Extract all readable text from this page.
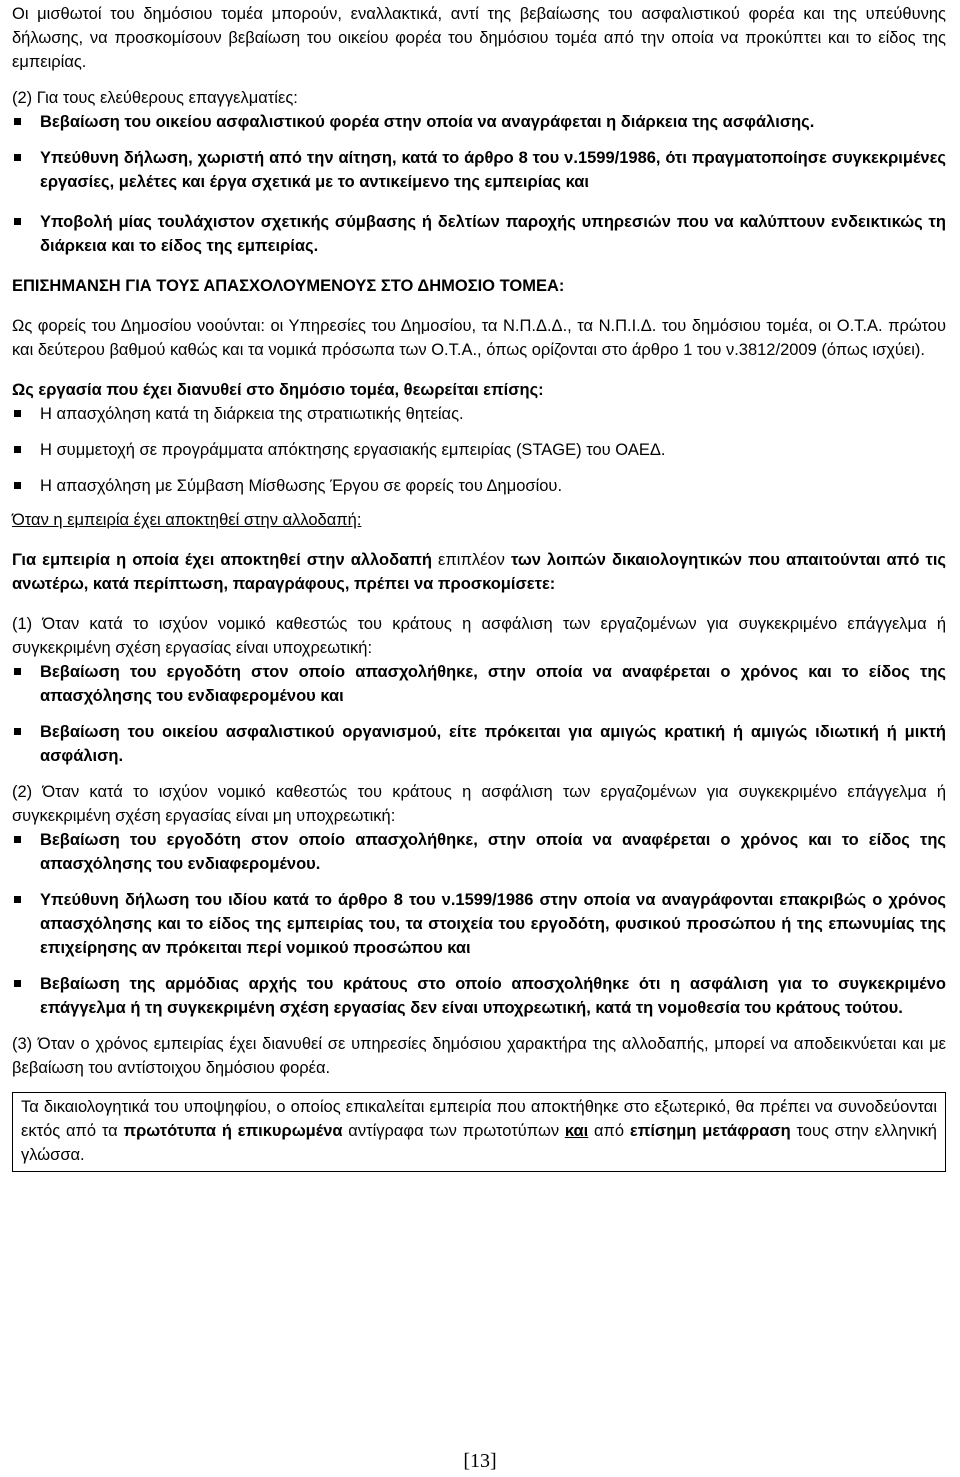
Οι μισθωτοί του δημόσιου τομέα μπορούν, εναλλακτικά, αντί της βεβαίωσης του ασφαλιστικού φορέα και της υπεύθυνης δήλωσης, να προσκομίσουν βεβαίωση του οικείου φορέα του δημόσιου τομέα από την οποία να προκύπτει και το είδος της εμπειρίας.

(2) Για τους ελεύθερους επαγγελματίες:

Βεβαίωση του οικείου ασφαλιστικού φορέα στην οποία να αναγράφεται η διάρκεια της ασφάλισης.
Υπεύθυνη δήλωση, χωριστή από την αίτηση, κατά το άρθρο 8 του ν.1599/1986, ότι πραγματοποίησε συγκεκριμένες εργασίες, μελέτες και έργα σχετικά με το αντικείμενο της εμπειρίας και
Υποβολή μίας τουλάχιστον σχετικής σύμβασης ή δελτίων παροχής υπηρεσιών που να καλύπτουν ενδεικτικώς τη διάρκεια και το είδος της εμπειρίας.

ΕΠΙΣΗΜΑΝΣΗ ΓΙΑ ΤΟΥΣ ΑΠΑΣΧΟΛΟΥΜΕΝΟΥΣ ΣΤΟ ΔΗΜΟΣΙΟ ΤΟΜΕΑ:

Ως φορείς του Δημοσίου νοούνται: οι Υπηρεσίες του Δημοσίου, τα Ν.Π.Δ.Δ., τα Ν.Π.Ι.Δ. του δημόσιου τομέα, οι Ο.Τ.Α. πρώτου και δεύτερου βαθμού καθώς και τα νομικά πρόσωπα των Ο.Τ.Α., όπως ορίζονται στο άρθρο 1 του ν.3812/2009 (όπως ισχύει).

Ως εργασία που έχει διανυθεί στο δημόσιο τομέα, θεωρείται επίσης:

Η απασχόληση κατά τη διάρκεια της στρατιωτικής θητείας.
Η συμμετοχή σε προγράμματα απόκτησης εργασιακής εμπειρίας (STAGE) του ΟΑΕΔ.
Η απασχόληση με Σύμβαση Μίσθωσης Έργου σε φορείς του Δημοσίου.

Όταν η εμπειρία έχει αποκτηθεί στην αλλοδαπή:

Για εμπειρία η οποία έχει αποκτηθεί στην αλλοδαπή επιπλέον των λοιπών δικαιολογητικών που απαιτούνται από τις ανωτέρω, κατά περίπτωση, παραγράφους, πρέπει να προσκομίσετε:

(1) Όταν κατά το ισχύον νομικό καθεστώς του κράτους η ασφάλιση των εργαζομένων για συγκεκριμένο επάγγελμα ή συγκεκριμένη σχέση εργασίας είναι υποχρεωτική:

Βεβαίωση του εργοδότη στον οποίο απασχολήθηκε, στην οποία να αναφέρεται ο χρόνος και το είδος της απασχόλησης του ενδιαφερομένου και
Βεβαίωση του οικείου ασφαλιστικού οργανισμού, είτε πρόκειται για αμιγώς κρατική ή αμιγώς ιδιωτική ή μικτή ασφάλιση.

(2) Όταν κατά το ισχύον νομικό καθεστώς του κράτους η ασφάλιση των εργαζομένων για συγκεκριμένο επάγγελμα ή συγκεκριμένη σχέση εργασίας είναι μη υποχρεωτική:

Βεβαίωση του εργοδότη στον οποίο απασχολήθηκε, στην οποία να αναφέρεται ο χρόνος και το είδος της απασχόλησης του ενδιαφερομένου.
Υπεύθυνη δήλωση του ιδίου κατά το άρθρο 8 του ν.1599/1986 στην οποία να αναγράφονται επακριβώς ο χρόνος απασχόλησης και το είδος της εμπειρίας του, τα στοιχεία του εργοδότη, φυσικού προσώπου ή της επωνυμίας της επιχείρησης αν πρόκειται περί νομικού προσώπου και
Βεβαίωση της αρμόδιας αρχής του κράτους στο οποίο αποσχολήθηκε ότι η ασφάλιση για το συγκεκριμένο επάγγελμα ή τη συγκεκριμένη σχέση εργασίας δεν είναι υποχρεωτική, κατά τη νομοθεσία του κράτους τούτου.

(3) Όταν ο χρόνος εμπειρίας έχει διανυθεί σε υπηρεσίες δημόσιου χαρακτήρα της αλλοδαπής, μπορεί να αποδεικνύεται και με βεβαίωση του αντίστοιχου δημόσιου φορέα.

Τα δικαιολογητικά του υποψηφίου, ο οποίος επικαλείται εμπειρία που αποκτήθηκε στο εξωτερικό, θα πρέπει να συνοδεύονται εκτός από τα πρωτότυπα ή επικυρωμένα αντίγραφα των πρωτοτύπων και από επίσημη μετάφραση τους στην ελληνική γλώσσα.
[13]
